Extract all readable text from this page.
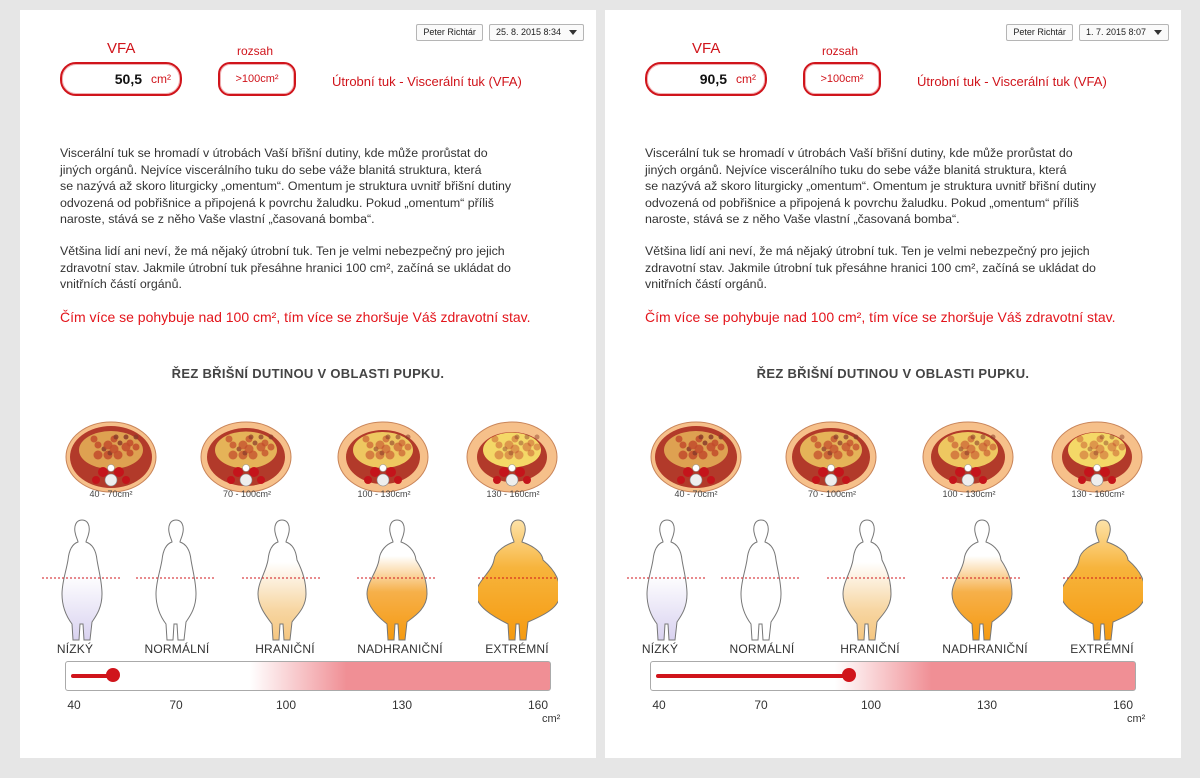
Peter Richtár	25. 8. 2015 8:34
VFA
50,5 cm²
rozsah
>100cm²	Útrobní tuk - Viscerální tuk (VFA)
Viscerální tuk se hromadí v útrobách Vaší břišní dutiny, kde může prorůstat do
jiných orgánů. Nejvíce viscerálního tuku do sebe váže blanitá struktura, která
se nazývá až skoro liturgicky „omentum“. Omentum je struktura uvnitř břišní dutiny
odvozená od pobřišnice a připojená k povrchu žaludku. Pokud „omentum“ příliš
naroste, stává se z něho Vaše vlastní „časovaná bomba“.
Většina lidí ani neví, že má nějaký útrobní tuk. Ten je velmi nebezpečný pro jejich
zdravotní stav. Jakmile útrobní tuk přesáhne hranici 100 cm², začíná se ukládat do
vnitřních částí orgánů.
Čím více se pohybuje nad 100 cm², tím více se zhoršuje Váš zdravotní stav.
ŘEZ BŘIŠNÍ DUTINOU V OBLASTI PUPKU.
40 - 70cm²	70 - 100cm²	100 - 130cm²	130 - 160cm²
NÍZKÝ	NORMÁLNÍ	HRANIČNÍ	NADHRANIČNÍ	EXTRÉMNÍ
40	70	100	130	160
cm²
Peter Richtár	1. 7. 2015 8:07
VFA
90,5 cm²
rozsah
>100cm²	Útrobní tuk - Viscerální tuk (VFA)
Viscerální tuk se hromadí v útrobách Vaší břišní dutiny, kde může prorůstat do
jiných orgánů. Nejvíce viscerálního tuku do sebe váže blanitá struktura, která
se nazývá až skoro liturgicky „omentum“. Omentum je struktura uvnitř břišní dutiny
odvozená od pobřišnice a připojená k povrchu žaludku. Pokud „omentum“ příliš
naroste, stává se z něho Vaše vlastní „časovaná bomba“.
Většina lidí ani neví, že má nějaký útrobní tuk. Ten je velmi nebezpečný pro jejich
zdravotní stav. Jakmile útrobní tuk přesáhne hranici 100 cm², začíná se ukládat do
vnitřních částí orgánů.
Čím více se pohybuje nad 100 cm², tím více se zhoršuje Váš zdravotní stav.
ŘEZ BŘIŠNÍ DUTINOU V OBLASTI PUPKU.
40 - 70cm²	70 - 100cm²	100 - 130cm²	130 - 160cm²
NÍZKÝ	NORMÁLNÍ	HRANIČNÍ	NADHRANIČNÍ	EXTRÉMNÍ
40	70	100	130	160
cm²
